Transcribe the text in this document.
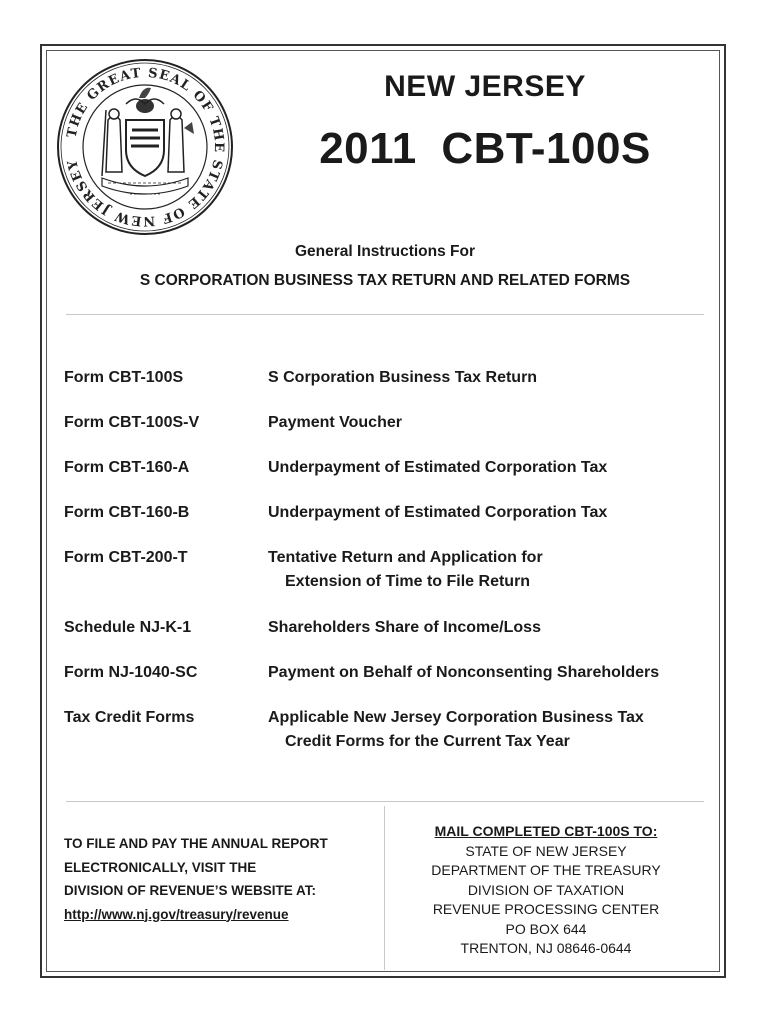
THE GREAT SEAL OF THE STATE OF NEW JERSEY
NEW JERSEY
2011 CBT-100S
General Instructions For
S CORPORATION BUSINESS TAX RETURN AND RELATED FORMS
Form CBT-100S	S Corporation Business Tax Return
Form CBT-100S-V	Payment Voucher
Form CBT-160-A	Underpayment of Estimated Corporation Tax
Form CBT-160-B	Underpayment of Estimated Corporation Tax
Form CBT-200-T	Tentative Return and Application for
Extension of Time to File Return
Schedule NJ-K-1	Shareholders Share of Income/Loss
Form NJ-1040-SC	Payment on Behalf of Nonconsenting Shareholders
Tax Credit Forms	Applicable New Jersey Corporation Business Tax
Credit Forms for the Current Tax Year
TO FILE AND PAY THE ANNUAL REPORT
ELECTRONICALLY, VISIT THE
DIVISION OF REVENUE’S WEBSITE AT:
http://www.nj.gov/treasury/revenue
MAIL COMPLETED CBT-100S TO:
STATE OF NEW JERSEY
DEPARTMENT OF THE TREASURY
DIVISION OF TAXATION
REVENUE PROCESSING CENTER
PO BOX 644
TRENTON, NJ 08646-0644
